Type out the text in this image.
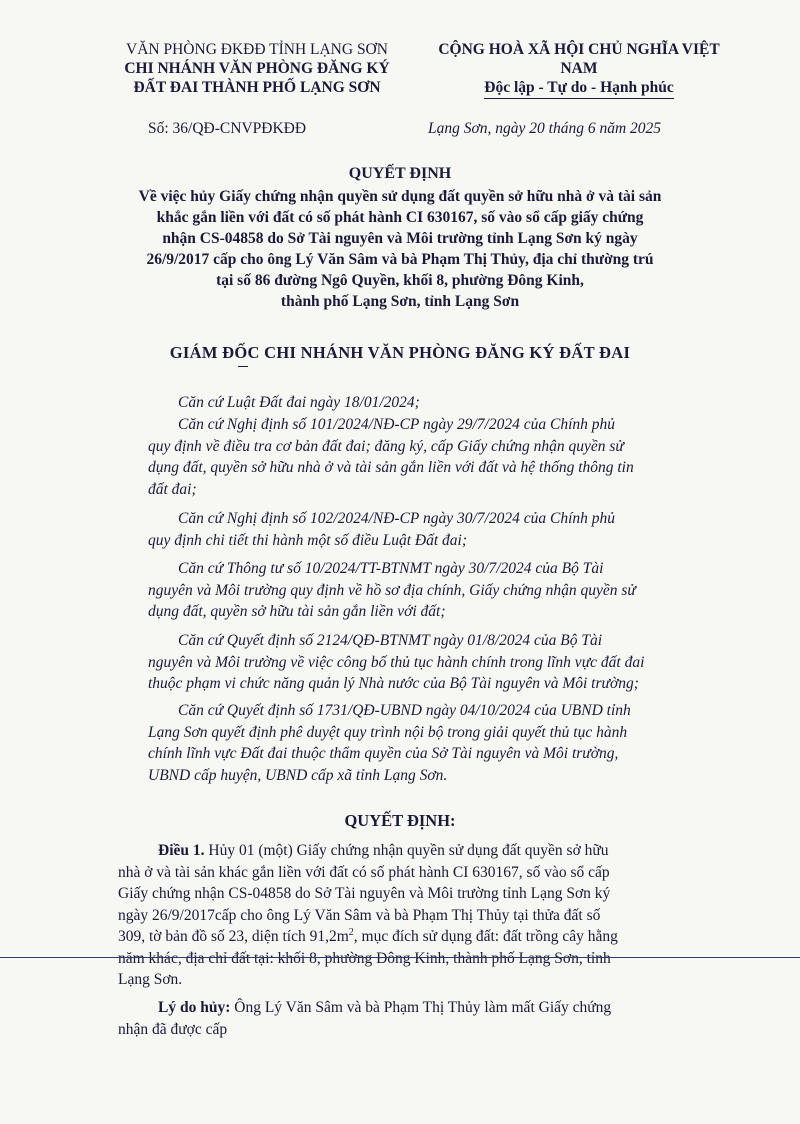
VĂN PHÒNG ĐKĐĐ TỈNH LẠNG SƠN
CHI NHÁNH VĂN PHÒNG ĐĂNG KÝ
ĐẤT ĐAI THÀNH PHỐ LẠNG SƠN
CỘNG HOÀ XÃ HỘI CHỦ NGHĨA VIỆT NAM
Độc lập - Tự do - Hạnh phúc
Số: 36/QĐ-CNVPĐKĐĐ	Lạng Sơn, ngày 20 tháng 6 năm 2025
QUYẾT ĐỊNH
Về việc hủy Giấy chứng nhận quyền sử dụng đất quyền sở hữu nhà ở và tài sản
khắc gắn liền với đất có số phát hành CI 630167, số vào sổ cấp giấy chứng
nhận CS-04858 do Sở Tài nguyên và Môi trường tỉnh Lạng Sơn ký ngày
26/9/2017 cấp cho ông Lý Văn Sâm và bà Phạm Thị Thủy, địa chỉ thường trú
tại số 86 đường Ngô Quyền, khối 8, phường Đông Kinh,
thành phố Lạng Sơn, tỉnh Lạng Sơn
GIÁM ĐỐC CHI NHÁNH VĂN PHÒNG ĐĂNG KÝ ĐẤT ĐAI
Căn cứ Luật Đất đai ngày 18/01/2024;
Căn cứ Nghị định số 101/2024/NĐ-CP ngày 29/7/2024 của Chính phủ
quy định về điều tra cơ bản đất đai; đăng ký, cấp Giấy chứng nhận quyền sử
dụng đất, quyền sở hữu nhà ở và tài sản gắn liền với đất và hệ thống thông tin
đất đai;
Căn cứ Nghị định số 102/2024/NĐ-CP ngày 30/7/2024 của Chính phủ
quy định chi tiết thi hành một số điều Luật Đất đai;
Căn cứ Thông tư số 10/2024/TT-BTNMT ngày 30/7/2024 của Bộ Tài
nguyên và Môi trường quy định về hồ sơ địa chính, Giấy chứng nhận quyền sử
dụng đất, quyền sở hữu tài sản gắn liền với đất;
Căn cứ Quyết định số 2124/QĐ-BTNMT ngày 01/8/2024 của Bộ Tài
nguyên và Môi trường về việc công bố thủ tục hành chính trong lĩnh vực đất đai
thuộc phạm vi chức năng quản lý Nhà nước của Bộ Tài nguyên và Môi trường;
Căn cứ Quyết định số 1731/QĐ-UBND ngày 04/10/2024 của UBND tỉnh
Lạng Sơn quyết định phê duyệt quy trình nội bộ trong giải quyết thủ tục hành
chính lĩnh vực Đất đai thuộc thẩm quyền của Sở Tài nguyên và Môi trường,
UBND cấp huyện, UBND cấp xã tỉnh Lạng Sơn.
QUYẾT ĐỊNH:
Điều 1. Hủy 01 (một) Giấy chứng nhận quyền sử dụng đất quyền sở hữu
nhà ở và tài sản khác gắn liền với đất có số phát hành CI 630167, số vào sổ cấp
Giấy chứng nhận CS-04858 do Sở Tài nguyên và Môi trường tỉnh Lạng Sơn ký
ngày 26/9/2017cấp cho ông Lý Văn Sâm và bà Phạm Thị Thủy tại thửa đất số
309, tờ bản đồ số 23, diện tích $91,2m^2$, mục đích sử dụng đất: đất trồng cây hằng
năm khác, địa chỉ đất tại: khối 8, phường Đông Kinh, thành phố Lạng Sơn, tỉnh
Lạng Sơn.
Lý do hủy: Ông Lý Văn Sâm và bà Phạm Thị Thủy làm mất Giấy chứng
nhận đã được cấp
